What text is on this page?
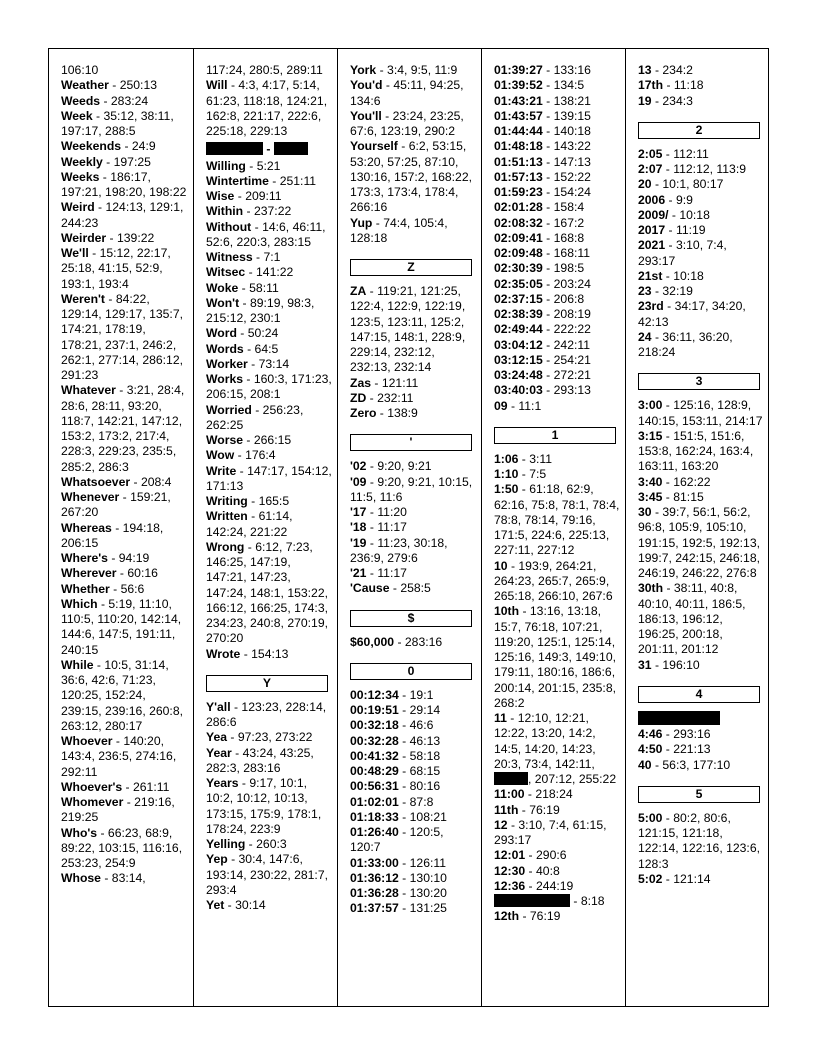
106:10
Weather - 250:13
Weeds - 283:24
Week - 35:12, 38:11, 197:17, 288:5
Weekends - 24:9
Weekly - 197:25
Weeks - 186:17, 197:21, 198:20, 198:22
Weird - 124:13, 129:1, 244:23
Weirder - 139:22
We'll - 15:12, 22:17, 25:18, 41:15, 52:9, 193:1, 193:4
Weren't - 84:22, 129:14, 129:17, 135:7, 174:21, 178:19, 178:21, 237:1, 246:2, 262:1, 277:14, 286:12, 291:23
Whatever - 3:21, 28:4, 28:6, 28:11, 93:20, 118:7, 142:21, 147:12, 153:2, 173:2, 217:4, 228:3, 229:23, 235:5, 285:2, 286:3
Whatsoever - 208:4
Whenever - 159:21, 267:20
Whereas - 194:18, 206:15
Where's - 94:19
Wherever - 60:16
Whether - 56:6
Which - 5:19, 11:10, 110:5, 110:20, 142:14, 144:6, 147:5, 191:11, 240:15
While - 10:5, 31:14, 36:6, 42:6, 71:23, 120:25, 152:24, 239:15, 239:16, 260:8, 263:12, 280:17
Whoever - 140:20, 143:4, 236:5, 274:16, 292:11
Whoever's - 261:11
Whomever - 219:16, 219:25
Who's - 66:23, 68:9, 89:22, 103:15, 116:16, 253:23, 254:9
Whose - 83:14,
117:24, 280:5, 289:11
Will - 4:3, 4:17, 5:14, 61:23, 118:18, 124:21, 162:8, 221:17, 222:6, 225:18, 229:13
-
Willing - 5:21
Wintertime - 251:11
Wise - 209:11
Within - 237:22
Without - 14:6, 46:11, 52:6, 220:3, 283:15
Witness - 7:1
Witsec - 141:22
Woke - 58:11
Won't - 89:19, 98:3, 215:12, 230:1
Word - 50:24
Words - 64:5
Worker - 73:14
Works - 160:3, 171:23, 206:15, 208:1
Worried - 256:23, 262:25
Worse - 266:15
Wow - 176:4
Write - 147:17, 154:12, 171:13
Writing - 165:5
Written - 61:14, 142:24, 221:22
Wrong - 6:12, 7:23, 146:25, 147:19, 147:21, 147:23, 147:24, 148:1, 153:22, 166:12, 166:25, 174:3, 234:23, 240:8, 270:19, 270:20
Wrote - 154:13
Y
Y'all - 123:23, 228:14, 286:6
Yea - 97:23, 273:22
Year - 43:24, 43:25, 282:3, 283:16
Years - 9:17, 10:1, 10:2, 10:12, 10:13, 173:15, 175:9, 178:1, 178:24, 223:9
Yelling - 260:3
Yep - 30:4, 147:6, 193:14, 230:22, 281:7, 293:4
Yet - 30:14
York - 3:4, 9:5, 11:9
You'd - 45:11, 94:25, 134:6
You'll - 23:24, 23:25, 67:6, 123:19, 290:2
Yourself - 6:2, 53:15, 53:20, 57:25, 87:10, 130:16, 157:2, 168:22, 173:3, 173:4, 178:4, 266:16
Yup - 74:4, 105:4, 128:18
Z
ZA - 119:21, 121:25, 122:4, 122:9, 122:19, 123:5, 123:11, 125:2, 147:15, 148:1, 228:9, 229:14, 232:12, 232:13, 232:14
Zas - 121:11
ZD - 232:11
Zero - 138:9
'
'02 - 9:20, 9:21
'09 - 9:20, 9:21, 10:15, 11:5, 11:6
'17 - 11:20
'18 - 11:17
'19 - 11:23, 30:18, 236:9, 279:6
'21 - 11:17
'Cause - 258:5
$
$60,000 - 283:16
0
00:12:34 - 19:1
00:19:51 - 29:14
00:32:18 - 46:6
00:32:28 - 46:13
00:41:32 - 58:18
00:48:29 - 68:15
00:56:31 - 80:16
01:02:01 - 87:8
01:18:33 - 108:21
01:26:40 - 120:5, 120:7
01:33:00 - 126:11
01:36:12 - 130:10
01:36:28 - 130:20
01:37:57 - 131:25
01:39:27 - 133:16
01:39:52 - 134:5
01:43:21 - 138:21
01:43:57 - 139:15
01:44:44 - 140:18
01:48:18 - 143:22
01:51:13 - 147:13
01:57:13 - 152:22
01:59:23 - 154:24
02:01:28 - 158:4
02:08:32 - 167:2
02:09:41 - 168:8
02:09:48 - 168:11
02:30:39 - 198:5
02:35:05 - 203:24
02:37:15 - 206:8
02:38:39 - 208:19
02:49:44 - 222:22
03:04:12 - 242:11
03:12:15 - 254:21
03:24:48 - 272:21
03:40:03 - 293:13
09 - 11:1
1
1:06 - 3:11
1:10 - 7:5
1:50 - 61:18, 62:9, 62:16, 75:8, 78:1, 78:4, 78:8, 78:14, 79:16, 171:5, 224:6, 225:13, 227:11, 227:12
10 - 193:9, 264:21, 264:23, 265:7, 265:9, 265:18, 266:10, 267:6
10th - 13:16, 13:18, 15:7, 76:18, 107:21, 119:20, 125:1, 125:14, 125:16, 149:3, 149:10, 179:11, 180:16, 186:6, 200:14, 201:15, 235:8, 268:2
11 - 12:10, 12:21, 12:22, 13:20, 14:2, 14:5, 14:20, 14:23, 20:3, 73:4, 142:11,
, 207:12, 255:22
11:00 - 218:24
11th - 76:19
12 - 3:10, 7:4, 61:15, 293:17
12:01 - 290:6
12:30 - 40:8
12:36 - 244:19
- 8:18
12th - 76:19
13 - 234:2
17th - 11:18
19 - 234:3
2
2:05 - 112:11
2:07 - 112:12, 113:9
20 - 10:1, 80:17
2006 - 9:9
2009/ - 10:18
2017 - 11:19
2021 - 3:10, 7:4, 293:17
21st - 10:18
23 - 32:19
23rd - 34:17, 34:20, 42:13
24 - 36:11, 36:20, 218:24
3
3:00 - 125:16, 128:9, 140:15, 153:11, 214:17
3:15 - 151:5, 151:6, 153:8, 162:24, 163:4, 163:11, 163:20
3:40 - 162:22
3:45 - 81:15
30 - 39:7, 56:1, 56:2, 96:8, 105:9, 105:10, 191:15, 192:5, 192:13, 199:7, 242:15, 246:18, 246:19, 246:22, 276:8
30th - 38:11, 40:8, 40:10, 40:11, 186:5, 186:13, 196:12, 196:25, 200:18, 201:11, 201:12
31 - 196:10
4
4:46 - 293:16
4:50 - 221:13
40 - 56:3, 177:10
5
5:00 - 80:2, 80:6, 121:15, 121:18, 122:14, 122:16, 123:6, 128:3
5:02 - 121:14
